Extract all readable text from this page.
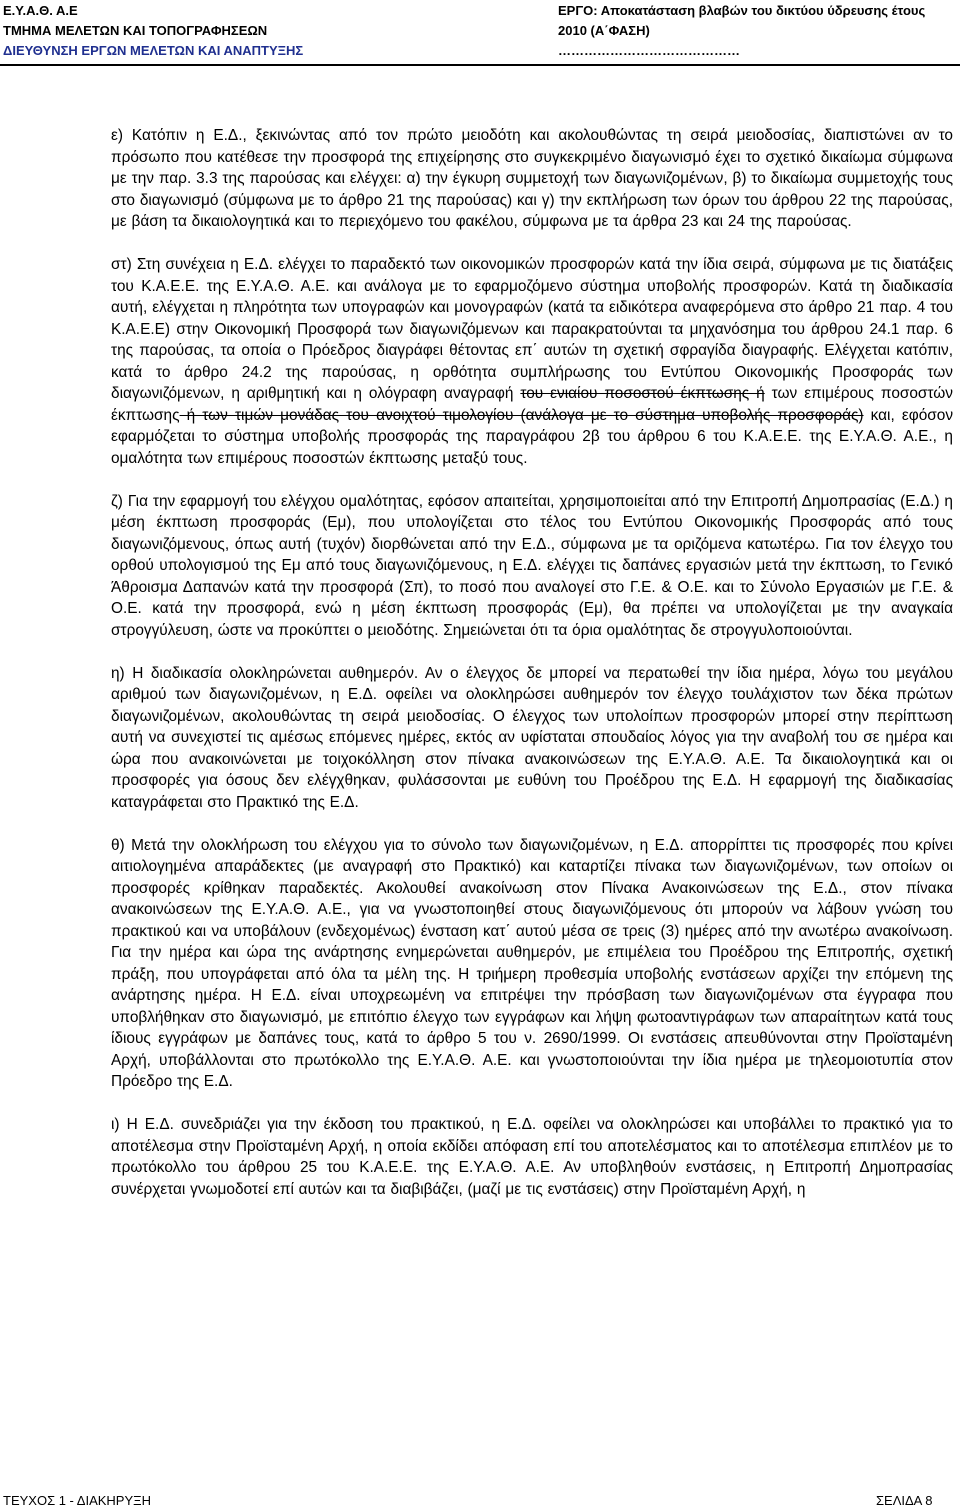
Ε.Υ.Α.Θ. Α.Ε
ΤΜΗΜΑ ΜΕΛΕΤΩΝ ΚΑΙ ΤΟΠΟΓΡΑΦΗΣΕΩΝ
ΔΙΕΥΘΥΝΣΗ ΕΡΓΩΝ ΜΕΛΕΤΩΝ ΚΑΙ ΑΝΑΠΤΥΞΗΣ
ΕΡΓΟ: Αποκατάσταση βλαβών του δικτύου ύδρευσης έτους
2010 (Α΄ΦΑΣΗ)
……………………………………

ε) Κατόπιν η Ε.Δ., ξεκινώντας από τον πρώτο μειοδότη και ακολουθώντας τη σειρά μειοδοσίας, διαπιστώνει αν το πρόσωπο που κατέθεσε την προσφορά της επιχείρησης στο συγκεκριμένο διαγωνισμό έχει το σχετικό δικαίωμα σύμφωνα με την παρ. 3.3 της παρούσας και ελέγχει: α) την έγκυρη συμμετοχή των διαγωνιζομένων, β) το δικαίωμα συμμετοχής τους στο διαγωνισμό (σύμφωνα με το άρθρο 21 της παρούσας) και γ) την εκπλήρωση των όρων του άρθρου 22 της παρούσας, με βάση τα δικαιολογητικά και το περιεχόμενο του φακέλου, σύμφωνα με τα άρθρα 23 και 24 της παρούσας.

στ) Στη συνέχεια η Ε.Δ. ελέγχει το παραδεκτό των οικονομικών προσφορών κατά την ίδια σειρά, σύμφωνα με τις διατάξεις του Κ.Α.Ε.Ε. της Ε.Υ.Α.Θ. Α.Ε. και ανάλογα με το εφαρμοζόμενο σύστημα υποβολής προσφορών. Κατά τη διαδικασία αυτή, ελέγχεται η πληρότητα των υπογραφών και μονογραφών (κατά τα ειδικότερα αναφερόμενα στο άρθρο 21 παρ. 4 του Κ.Α.Ε.Ε) στην Οικονομική Προσφορά των διαγωνιζόμενων και παρακρατούνται τα μηχανόσημα του άρθρου 24.1 παρ. 6 της παρούσας, τα οποία ο Πρόεδρος διαγράφει θέτοντας επ΄ αυτών τη σχετική σφραγίδα διαγραφής. Ελέγχεται κατόπιν, κατά το άρθρο 24.2 της παρούσας, η ορθότητα συμπλήρωσης του Εντύπου Οικονομικής Προσφοράς των διαγωνιζόμενων, η αριθμητική και η ολόγραφη αναγραφή του ενιαίου ποσοστού έκπτωσης ή των επιμέρους ποσοστών έκπτωσης ή των τιμών μονάδας του ανοιχτού τιμολογίου (ανάλογα με το σύστημα υποβολής προσφοράς) και, εφόσον εφαρμόζεται το σύστημα υποβολής προσφοράς της παραγράφου 2β του άρθρου 6 του Κ.Α.Ε.Ε. της Ε.Υ.Α.Θ. Α.Ε., η ομαλότητα των επιμέρους ποσοστών έκπτωσης μεταξύ τους.

ζ) Για την εφαρμογή του ελέγχου ομαλότητας, εφόσον απαιτείται, χρησιμοποιείται από την Επιτροπή Δημοπρασίας (Ε.Δ.) η μέση έκπτωση προσφοράς (Εμ), που υπολογίζεται στο τέλος του Εντύπου Οικονομικής Προσφοράς από τους διαγωνιζόμενους, όπως αυτή (τυχόν) διορθώνεται από την Ε.Δ., σύμφωνα με τα οριζόμενα κατωτέρω. Για τον έλεγχο του ορθού υπολογισμού της Εμ από τους διαγωνιζόμενους, η Ε.Δ. ελέγχει τις δαπάνες εργασιών μετά την έκπτωση, το Γενικό Άθροισμα Δαπανών κατά την προσφορά (Σπ), το ποσό που αναλογεί στο Γ.Ε. & Ο.Ε. και το Σύνολο Εργασιών με Γ.Ε. & Ο.Ε. κατά την προσφορά, ενώ η μέση έκπτωση προσφοράς (Εμ), θα πρέπει να υπολογίζεται με την αναγκαία στρογγύλευση, ώστε να προκύπτει ο μειοδότης. Σημειώνεται ότι τα όρια ομαλότητας δε στρογγυλοποιούνται.

η) Η διαδικασία ολοκληρώνεται αυθημερόν. Αν ο έλεγχος δε μπορεί να περατωθεί την ίδια ημέρα, λόγω του μεγάλου αριθμού των διαγωνιζομένων, η Ε.Δ. οφείλει να ολοκληρώσει αυθημερόν τον έλεγχο τουλάχιστον των δέκα πρώτων διαγωνιζομένων, ακολουθώντας τη σειρά μειοδοσίας. Ο έλεγχος των υπολοίπων προσφορών μπορεί στην περίπτωση αυτή να συνεχιστεί τις αμέσως επόμενες ημέρες, εκτός αν υφίσταται σπουδαίος λόγος για την αναβολή του σε ημέρα και ώρα που ανακοινώνεται με τοιχοκόλληση στον πίνακα ανακοινώσεων της Ε.Υ.Α.Θ. Α.Ε. Τα δικαιολογητικά και οι προσφορές για όσους δεν ελέγχθηκαν, φυλάσσονται με ευθύνη του Προέδρου της Ε.Δ. Η εφαρμογή της διαδικασίας καταγράφεται στο Πρακτικό της Ε.Δ.

θ) Μετά την ολοκλήρωση του ελέγχου για το σύνολο των διαγωνιζομένων, η Ε.Δ. απορρίπτει τις προσφορές που κρίνει αιτιολογημένα απαράδεκτες (με αναγραφή στο Πρακτικό) και καταρτίζει πίνακα των διαγωνιζομένων, των οποίων οι προσφορές κρίθηκαν παραδεκτές. Ακολουθεί ανακοίνωση στον Πίνακα Ανακοινώσεων της Ε.Δ., στον πίνακα ανακοινώσεων της Ε.Υ.Α.Θ. Α.Ε., για να γνωστοποιηθεί στους διαγωνιζόμενους ότι μπορούν να λάβουν γνώση του πρακτικού και να υποβάλουν (ενδεχομένως) ένσταση κατ΄ αυτού μέσα σε τρεις (3) ημέρες από την ανωτέρω ανακοίνωση. Για την ημέρα και ώρα της ανάρτησης ενημερώνεται αυθημερόν, με επιμέλεια του Προέδρου της Επιτροπής, σχετική πράξη, που υπογράφεται από όλα τα μέλη της. Η τριήμερη προθεσμία υποβολής ενστάσεων αρχίζει την επόμενη της ανάρτησης ημέρα. Η Ε.Δ. είναι υποχρεωμένη να επιτρέψει την πρόσβαση των διαγωνιζομένων στα έγγραφα που υποβλήθηκαν στο διαγωνισμό, με επιτόπιο έλεγχο των εγγράφων και λήψη φωτοαντιγράφων των απαραίτητων κατά τους ίδιους εγγράφων με δαπάνες τους, κατά το άρθρο 5 του ν. 2690/1999. Οι ενστάσεις απευθύνονται στην Προϊσταμένη Αρχή, υποβάλλονται στο πρωτόκολλο της Ε.Υ.Α.Θ. Α.Ε. και γνωστοποιούνται την ίδια ημέρα με τηλεομοιοτυπία στον Πρόεδρο της Ε.Δ.

ι) Η Ε.Δ. συνεδριάζει για την έκδοση του πρακτικού, η Ε.Δ. οφείλει να ολοκληρώσει και υποβάλλει το πρακτικό για το αποτέλεσμα στην Προϊσταμένη Αρχή, η οποία εκδίδει απόφαση επί του αποτελέσματος και το αποτέλεσμα επιπλέον με το πρωτόκολλο του άρθρου 25 του Κ.Α.Ε.Ε. της Ε.Υ.Α.Θ. Α.Ε. Αν υποβληθούν ενστάσεις, η Επιτροπή Δημοπρασίας συνέρχεται γνωμοδοτεί επί αυτών και τα διαβιβάζει, (μαζί με τις ενστάσεις) στην Προϊσταμένη Αρχή, η

ΤΕΥΧΟΣ 1 - ΔΙΑΚΗΡΥΞΗ	ΣΕΛΙΔΑ 8
